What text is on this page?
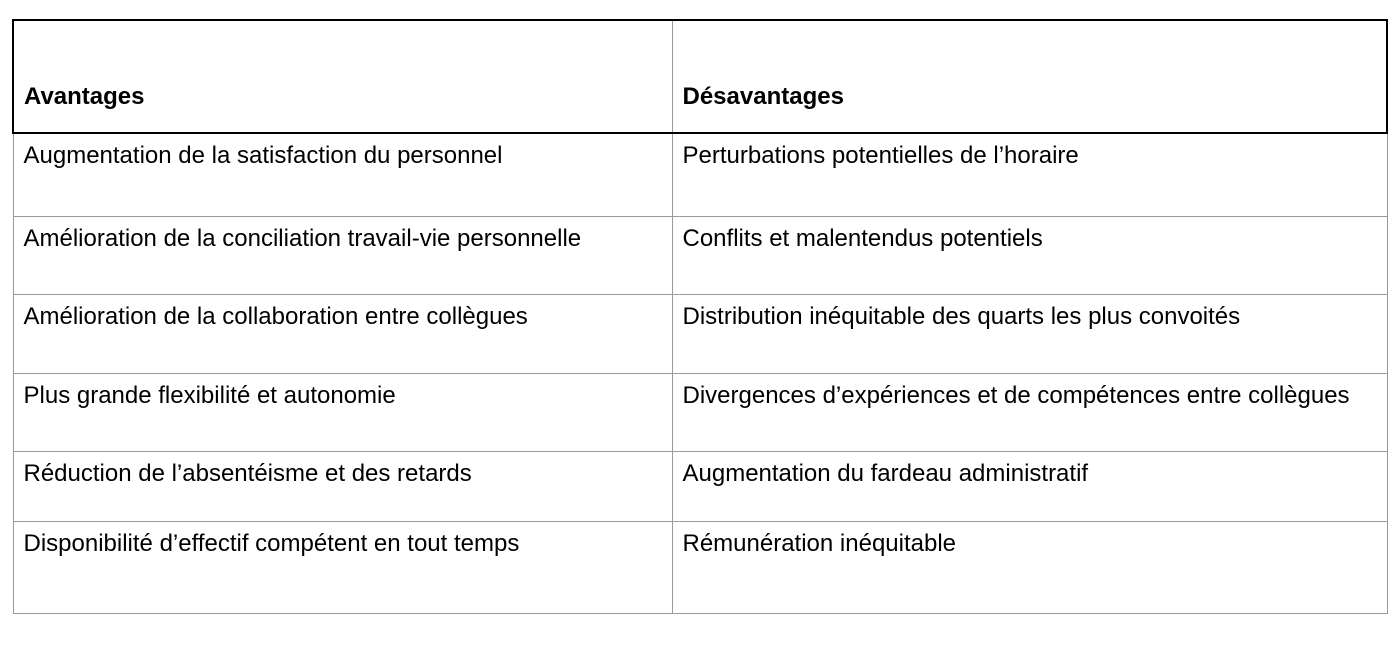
Avantages	Désavantages
Augmentation de la satisfaction du personnel	Perturbations potentielles de l’horaire
Amélioration de la conciliation travail-vie personnelle	Conflits et malentendus potentiels
Amélioration de la collaboration entre collègues	Distribution inéquitable des quarts les plus convoités
Plus grande flexibilité et autonomie	Divergences d’expériences et de compétences entre collègues
Réduction de l’absentéisme et des retards	Augmentation du fardeau administratif
Disponibilité d’effectif compétent en tout temps	Rémunération inéquitable
